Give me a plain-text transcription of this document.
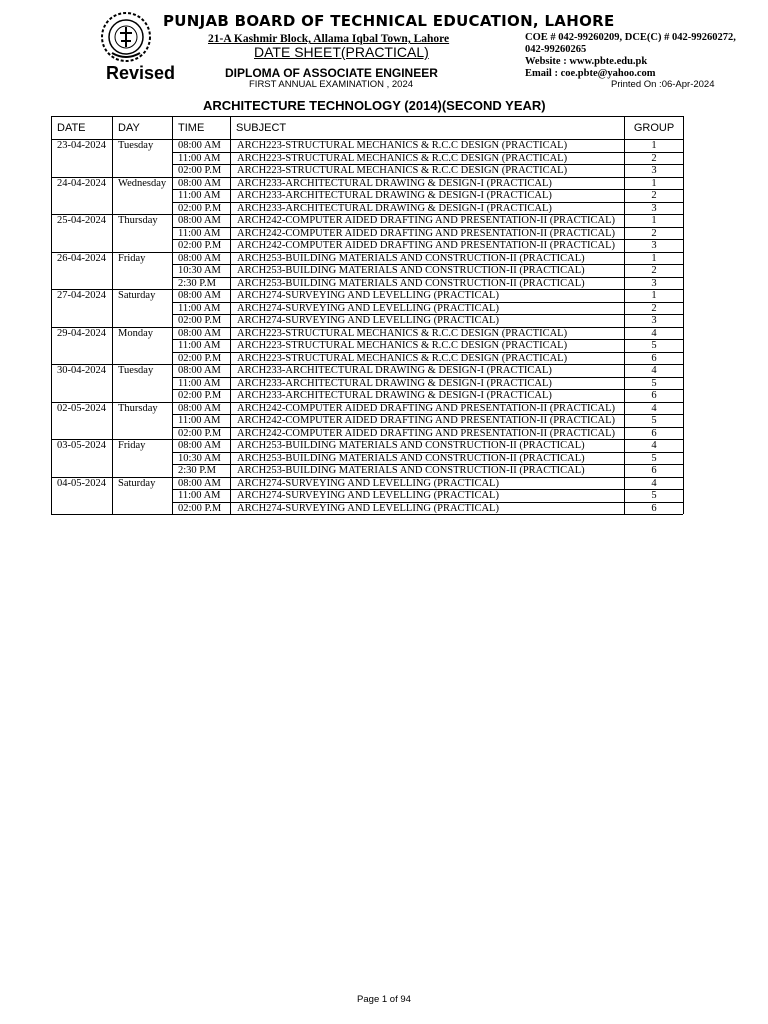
PUNJAB BOARD OF TECHNICAL EDUCATION, LAHORE
21-A Kashmir Block, Allama Iqbal Town, Lahore
DATE SHEET(PRACTICAL)
Revised	DIPLOMA OF ASSOCIATE ENGINEER
FIRST ANNUAL EXAMINATION , 2024
COE # 042-99260209, DCE(C) # 042-99260272,
042-99260265
Website : www.pbte.edu.pk
Email : coe.pbte@yahoo.com
Printed On :06-Apr-2024
ARCHITECTURE TECHNOLOGY (2014)(SECOND YEAR)
DATE	DAY	TIME	SUBJECT	GROUP
23-04-2024	Tuesday	08:00 AM	ARCH223-STRUCTURAL MECHANICS & R.C.C DESIGN (PRACTICAL)	1
		11:00 AM	ARCH223-STRUCTURAL MECHANICS & R.C.C DESIGN (PRACTICAL)	2
		02:00 P.M	ARCH223-STRUCTURAL MECHANICS & R.C.C DESIGN (PRACTICAL)	3
24-04-2024	Wednesday	08:00 AM	ARCH233-ARCHITECTURAL DRAWING & DESIGN-I (PRACTICAL)	1
		11:00 AM	ARCH233-ARCHITECTURAL DRAWING & DESIGN-I (PRACTICAL)	2
		02:00 P.M	ARCH233-ARCHITECTURAL DRAWING & DESIGN-I (PRACTICAL)	3
25-04-2024	Thursday	08:00 AM	ARCH242-COMPUTER AIDED DRAFTING AND PRESENTATION-II (PRACTICAL)	1
		11:00 AM	ARCH242-COMPUTER AIDED DRAFTING AND PRESENTATION-II (PRACTICAL)	2
		02:00 P.M	ARCH242-COMPUTER AIDED DRAFTING AND PRESENTATION-II (PRACTICAL)	3
26-04-2024	Friday	08:00 AM	ARCH253-BUILDING MATERIALS AND CONSTRUCTION-II (PRACTICAL)	1
		10:30 AM	ARCH253-BUILDING MATERIALS AND CONSTRUCTION-II (PRACTICAL)	2
		2:30 P.M	ARCH253-BUILDING MATERIALS AND CONSTRUCTION-II (PRACTICAL)	3
27-04-2024	Saturday	08:00 AM	ARCH274-SURVEYING AND LEVELLING (PRACTICAL)	1
		11:00 AM	ARCH274-SURVEYING AND LEVELLING (PRACTICAL)	2
		02:00 P.M	ARCH274-SURVEYING AND LEVELLING (PRACTICAL)	3
29-04-2024	Monday	08:00 AM	ARCH223-STRUCTURAL MECHANICS & R.C.C DESIGN (PRACTICAL)	4
		11:00 AM	ARCH223-STRUCTURAL MECHANICS & R.C.C DESIGN (PRACTICAL)	5
		02:00 P.M	ARCH223-STRUCTURAL MECHANICS & R.C.C DESIGN (PRACTICAL)	6
30-04-2024	Tuesday	08:00 AM	ARCH233-ARCHITECTURAL DRAWING & DESIGN-I (PRACTICAL)	4
		11:00 AM	ARCH233-ARCHITECTURAL DRAWING & DESIGN-I (PRACTICAL)	5
		02:00 P.M	ARCH233-ARCHITECTURAL DRAWING & DESIGN-I (PRACTICAL)	6
02-05-2024	Thursday	08:00 AM	ARCH242-COMPUTER AIDED DRAFTING AND PRESENTATION-II (PRACTICAL)	4
		11:00 AM	ARCH242-COMPUTER AIDED DRAFTING AND PRESENTATION-II (PRACTICAL)	5
		02:00 P.M	ARCH242-COMPUTER AIDED DRAFTING AND PRESENTATION-II (PRACTICAL)	6
03-05-2024	Friday	08:00 AM	ARCH253-BUILDING MATERIALS AND CONSTRUCTION-II (PRACTICAL)	4
		10:30 AM	ARCH253-BUILDING MATERIALS AND CONSTRUCTION-II (PRACTICAL)	5
		2:30 P.M	ARCH253-BUILDING MATERIALS AND CONSTRUCTION-II (PRACTICAL)	6
04-05-2024	Saturday	08:00 AM	ARCH274-SURVEYING AND LEVELLING (PRACTICAL)	4
		11:00 AM	ARCH274-SURVEYING AND LEVELLING (PRACTICAL)	5
		02:00 P.M	ARCH274-SURVEYING AND LEVELLING (PRACTICAL)	6
Page 1 of 94
